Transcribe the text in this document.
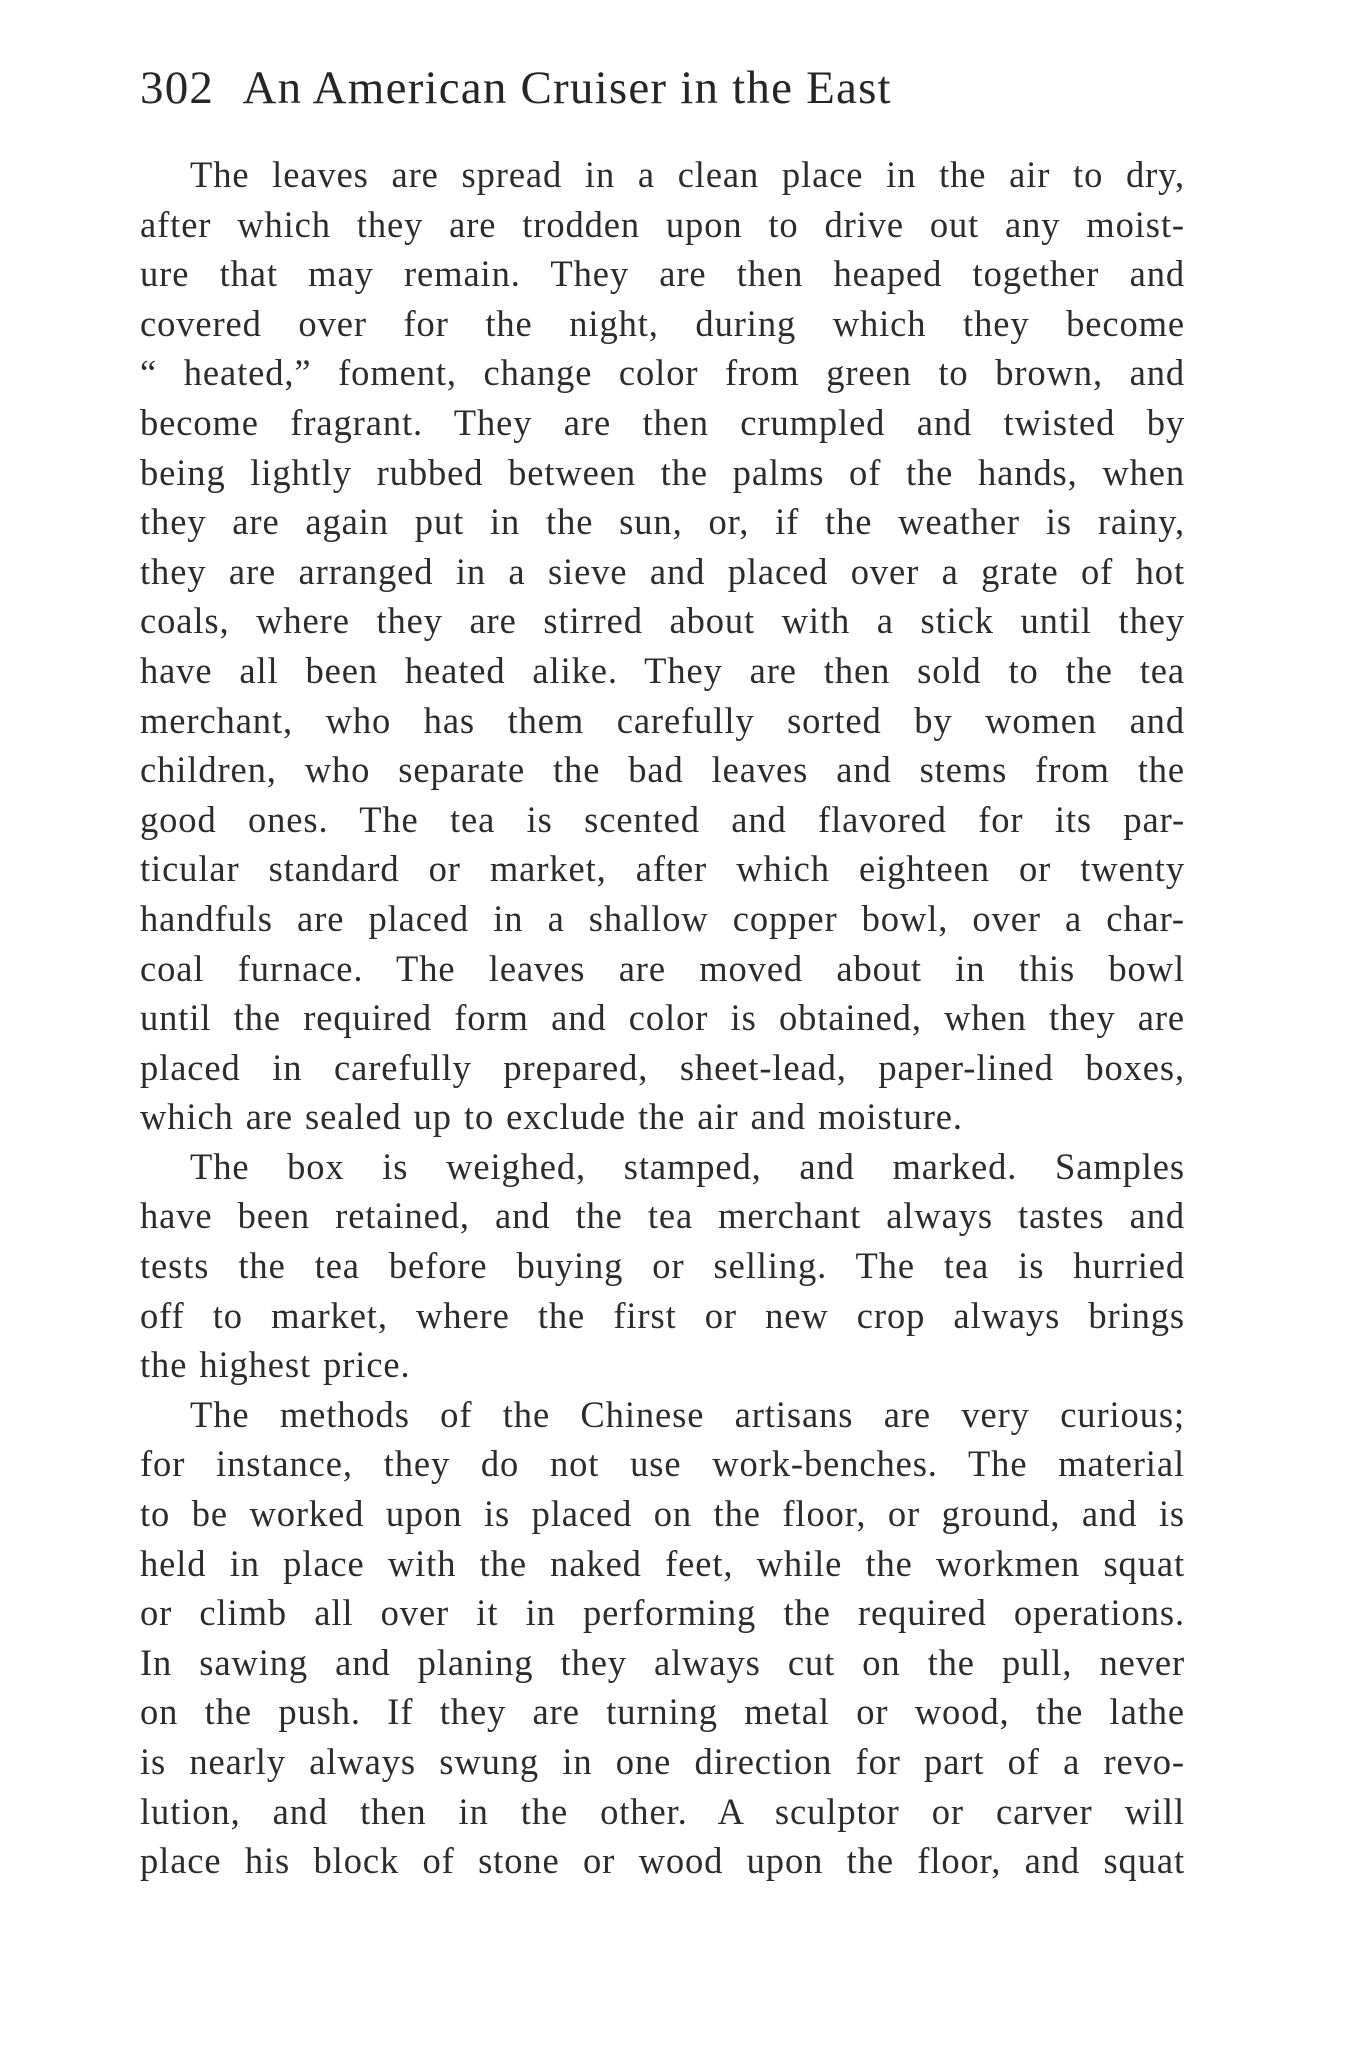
302 An American Cruiser in the East

The leaves are spread in a clean place in the air to dry,
after which they are trodden upon to drive out any moist-
ure that may remain. They are then heaped together and
covered over for the night, during which they become
“ heated,” foment, change color from green to brown, and
become fragrant. They are then crumpled and twisted by
being lightly rubbed between the palms of the hands, when
they are again put in the sun, or, if the weather is rainy,
they are arranged in a sieve and placed over a grate of hot
coals, where they are stirred about with a stick until they
have all been heated alike. They are then sold to the tea
merchant, who has them carefully sorted by women and
children, who separate the bad leaves and stems from the
good ones. The tea is scented and flavored for its par-
ticular standard or market, after which eighteen or twenty
handfuls are placed in a shallow copper bowl, over a char-
coal furnace. The leaves are moved about in this bowl
until the required form and color is obtained, when they are
placed in carefully prepared, sheet-lead, paper-lined boxes,
which are sealed up to exclude the air and moisture.

The box is weighed, stamped, and marked. Samples
have been retained, and the tea merchant always tastes and
tests the tea before buying or selling. The tea is hurried
off to market, where the first or new crop always brings
the highest price.

The methods of the Chinese artisans are very curious;
for instance, they do not use work-benches. The material
to be worked upon is placed on the floor, or ground, and is
held in place with the naked feet, while the workmen squat
or climb all over it in performing the required operations.
In sawing and planing they always cut on the pull, never
on the push. If they are turning metal or wood, the lathe
is nearly always swung in one direction for part of a revo-
lution, and then in the other. A sculptor or carver will
place his block of stone or wood upon the floor, and squat
